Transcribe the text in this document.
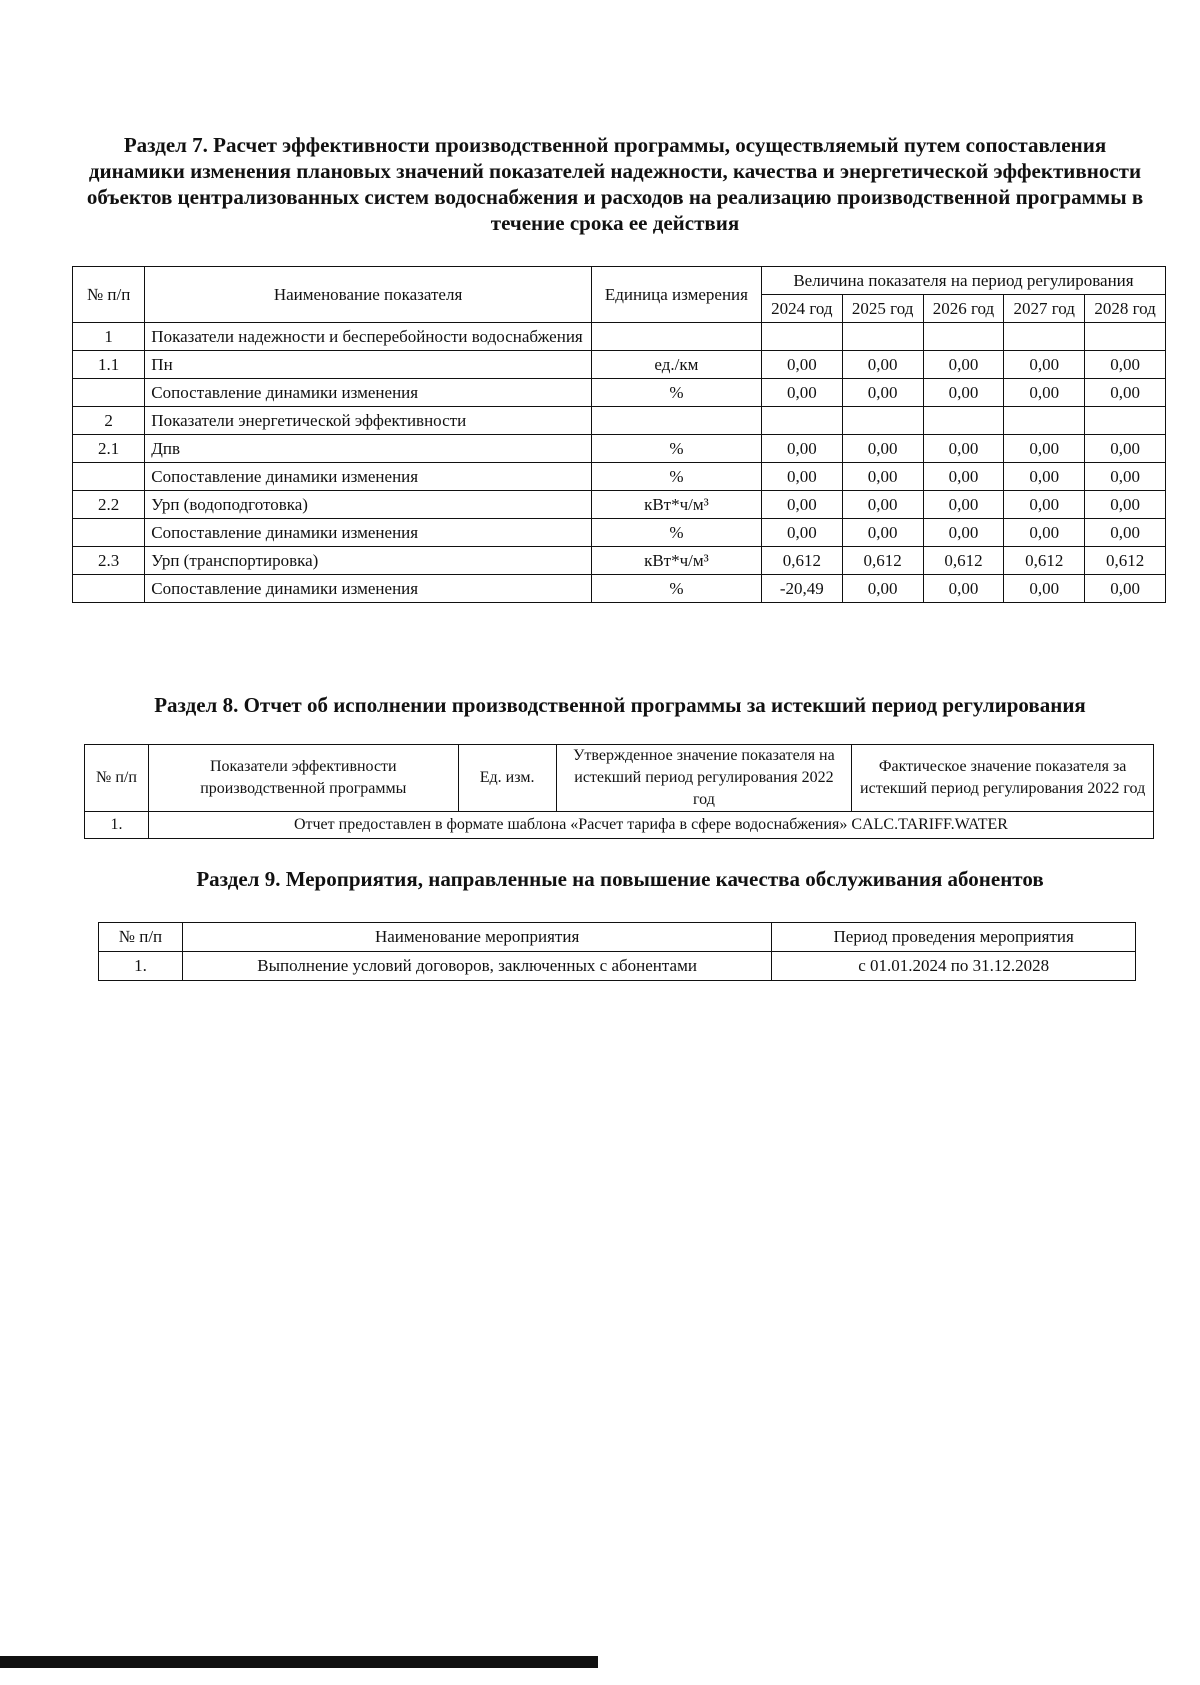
Раздел 7. Расчет эффективности производственной программы, осуществляемый путем сопоставления динамики изменения плановых значений показателей надежности, качества и энергетической эффективности объектов централизованных систем водоснабжения и расходов на реализацию производственной программы в течение срока ее действия
№ п/п	Наименование показателя	Единица измерения	Величина показателя на период регулирования				
			2024 год	2025 год	2026 год	2027 год	2028 год
1	Показатели надежности и бесперебойности водоснабжения						
1.1	Пн	ед./км	0,00	0,00	0,00	0,00	0,00
	Сопоставление динамики изменения	%	0,00	0,00	0,00	0,00	0,00
2	Показатели энергетической эффективности						
2.1	Дпв	%	0,00	0,00	0,00	0,00	0,00
	Сопоставление динамики изменения	%	0,00	0,00	0,00	0,00	0,00
2.2	Урп (водоподготовка)	кВт*ч/м³	0,00	0,00	0,00	0,00	0,00
	Сопоставление динамики изменения	%	0,00	0,00	0,00	0,00	0,00
2.3	Урп (транспортировка)	кВт*ч/м³	0,612	0,612	0,612	0,612	0,612
	Сопоставление динамики изменения	%	-20,49	0,00	0,00	0,00	0,00
Раздел 8. Отчет об исполнении производственной программы за истекший период регулирования
№ п/п	Показатели эффективности производственной программы	Ед. изм.	Утвержденное значение показателя на истекший период регулирования 2022 год	Фактическое значение показателя за истекший период регулирования 2022 год
1.	Отчет предоставлен в формате шаблона «Расчет тарифа в сфере водоснабжения» CALC.TARIFF.WATER			
Раздел 9. Мероприятия, направленные на повышение качества обслуживания абонентов
№ п/п	Наименование мероприятия	Период проведения мероприятия
1.	Выполнение условий договоров, заключенных с абонентами	с 01.01.2024 по 31.12.2028
